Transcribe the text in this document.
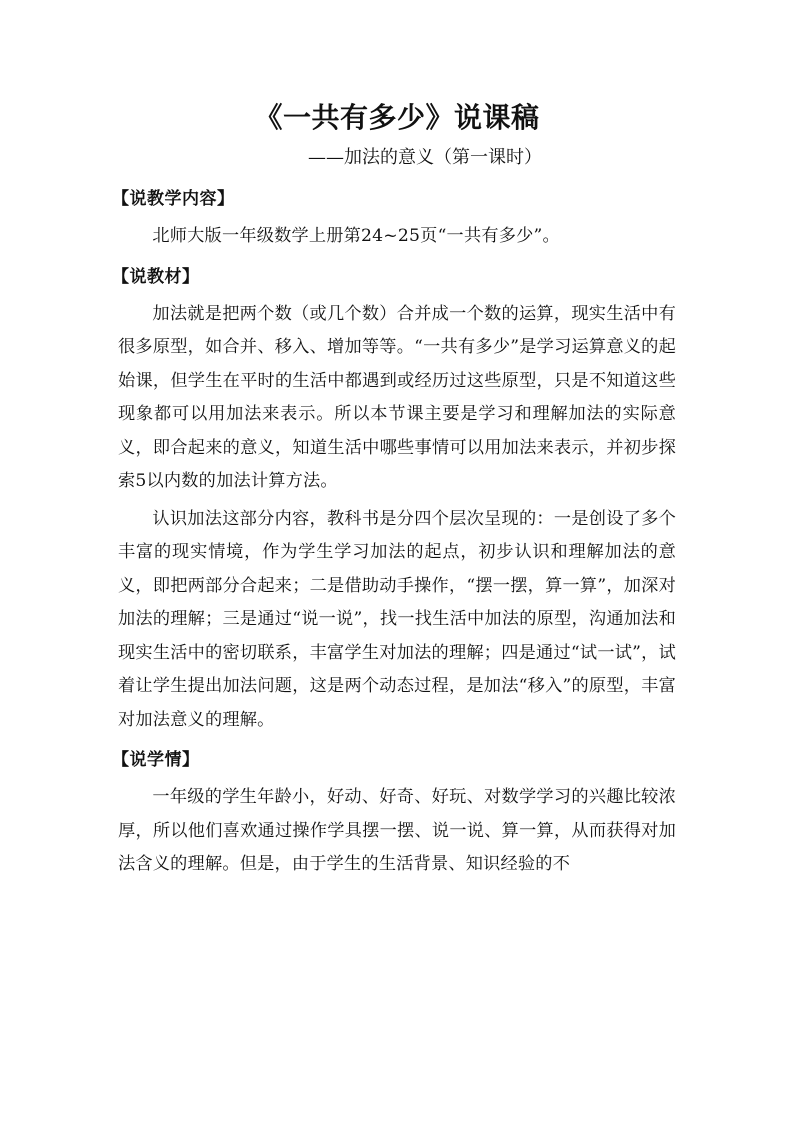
《一共有多少》说课稿
——加法的意义（第一课时）
【说教学内容】

北师大版一年级数学上册第24~25页“一共有多少”。

【说教材】

加法就是把两个数（或几个数）合并成一个数的运算，现实生活中有很多原型，如合并、移入、增加等等。“一共有多少”是学习运算意义的起始课，但学生在平时的生活中都遇到或经历过这些原型，只是不知道这些现象都可以用加法来表示。所以本节课主要是学习和理解加法的实际意义，即合起来的意义，知道生活中哪些事情可以用加法来表示，并初步探索5以内数的加法计算方法。

认识加法这部分内容，教科书是分四个层次呈现的：一是创设了多个丰富的现实情境，作为学生学习加法的起点，初步认识和理解加法的意义，即把两部分合起来；二是借助动手操作，“摆一摆，算一算”，加深对加法的理解；三是通过“说一说”，找一找生活中加法的原型，沟通加法和现实生活中的密切联系，丰富学生对加法的理解；四是通过“试一试”，试着让学生提出加法问题，这是两个动态过程，是加法“移入”的原型，丰富对加法意义的理解。

【说学情】

一年级的学生年龄小，好动、好奇、好玩、对数学学习的兴趣比较浓厚，所以他们喜欢通过操作学具摆一摆、说一说、算一算，从而获得对加法含义的理解。但是，由于学生的生活背景、知识经验的不
